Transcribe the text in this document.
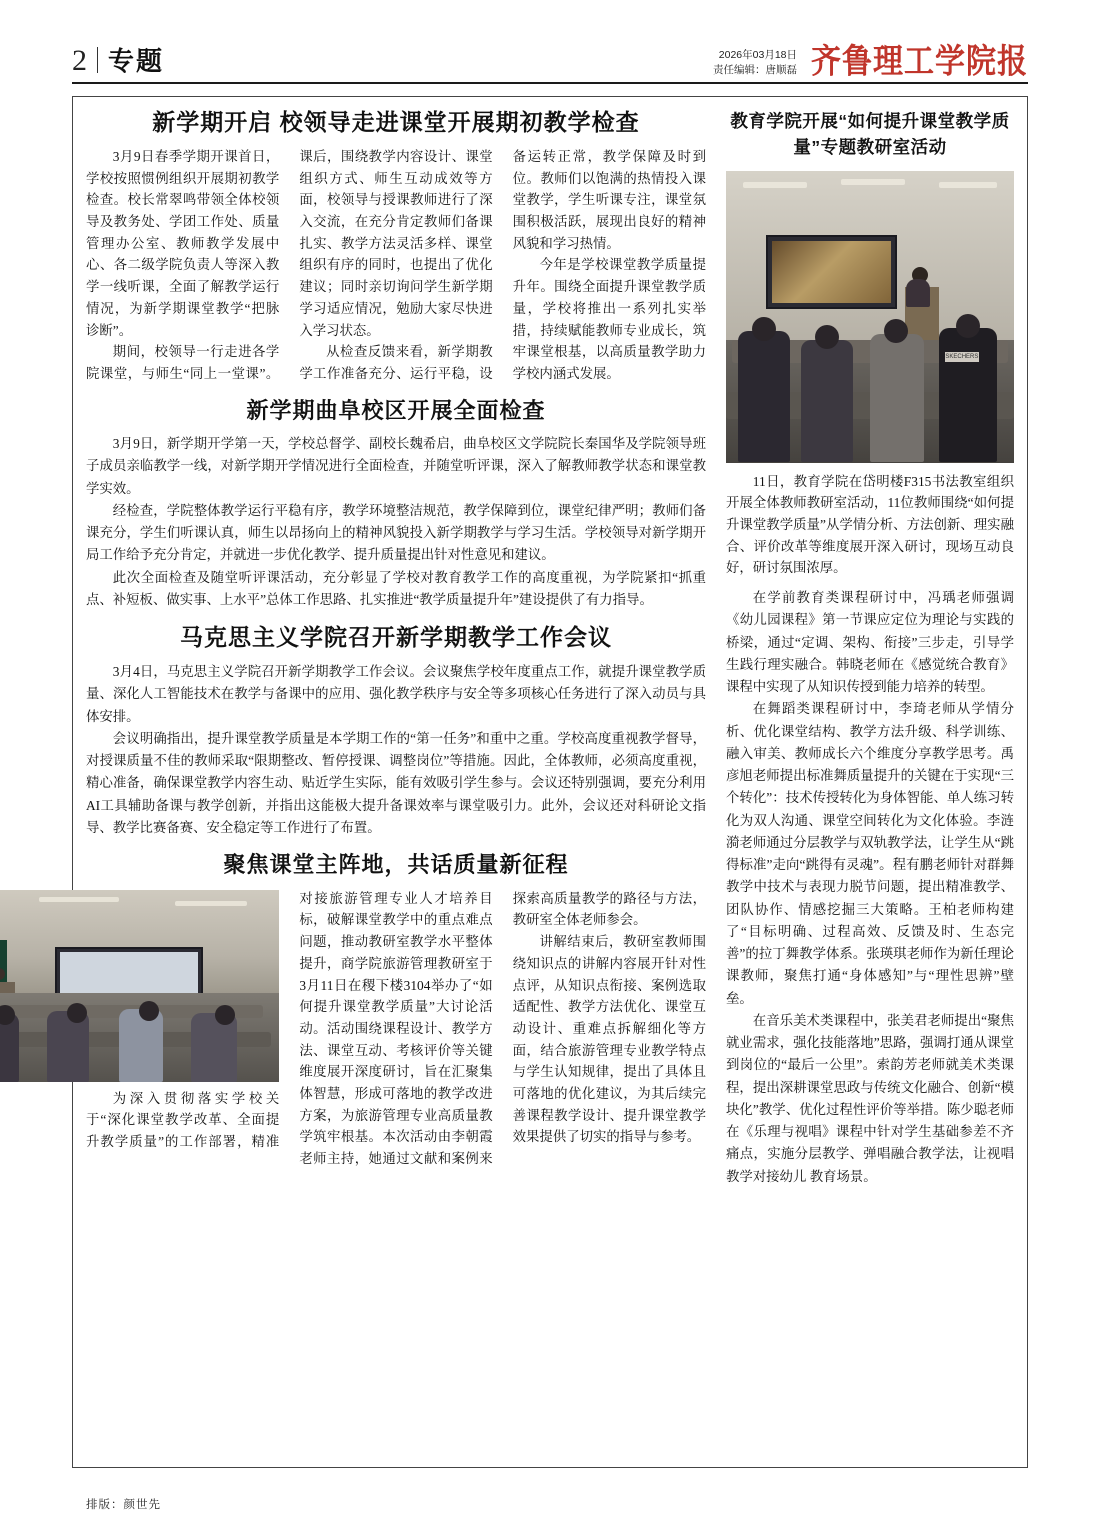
2 专题	2026年03月18日
责任编辑：唐顺磊 齐鲁理工学院报
新学期开启 校领导走进课堂开展期初教学检查

3月9日春季学期开课首日，学校按照惯例组织开展期初教学检查。校长常翠鸣带领全体校领导及教务处、学团工作处、质量管理办公室、教师教学发展中心、各二级学院负责人等深入教学一线听课，全面了解教学运行情况，为新学期课堂教学“把脉诊断”。

期间，校领导一行走进各学院课堂，与师生“同上一堂课”。课后，围绕教学内容设计、课堂组织方式、师生互动成效等方面，校领导与授课教师进行了深入交流，在充分肯定教师们备课扎实、教学方法灵活多样、课堂组织有序的同时，也提出了优化建议；同时亲切询问学生新学期学习适应情况，勉励大家尽快进入学习状态。

从检查反馈来看，新学期教学工作准备充分、运行平稳，设备运转正常，教学保障及时到位。教师们以饱满的热情投入课堂教学，学生听课专注，课堂氛围积极活跃，展现出良好的精神风貌和学习热情。

今年是学校课堂教学质量提升年。围绕全面提升课堂教学质量，学校将推出一系列扎实举措，持续赋能教师专业成长，筑牢课堂根基，以高质量教学助力学校内涵式发展。

新学期曲阜校区开展全面检查

3月9日，新学期开学第一天，学校总督学、副校长魏希启，曲阜校区文学院院长秦国华及学院领导班子成员亲临教学一线，对新学期开学情况进行全面检查，并随堂听评课，深入了解教师教学状态和课堂教学实效。

经检查，学院整体教学运行平稳有序，教学环境整洁规范，教学保障到位，课堂纪律严明；教师们备课充分，学生们听课认真，师生以昂扬向上的精神风貌投入新学期教学与学习生活。学校领导对新学期开局工作给予充分肯定，并就进一步优化教学、提升质量提出针对性意见和建议。

此次全面检查及随堂听评课活动，充分彰显了学校对教育教学工作的高度重视，为学院紧扣“抓重点、补短板、做实事、上水平”总体工作思路、扎实推进“教学质量提升年”建设提供了有力指导。

马克思主义学院召开新学期教学工作会议

3月4日，马克思主义学院召开新学期教学工作会议。会议聚焦学校年度重点工作，就提升课堂教学质量、深化人工智能技术在教学与备课中的应用、强化教学秩序与安全等多项核心任务进行了深入动员与具体安排。

会议明确指出，提升课堂教学质量是本学期工作的“第一任务”和重中之重。学校高度重视教学督导，对授课质量不佳的教师采取“限期整改、暂停授课、调整岗位”等措施。因此，全体教师，必须高度重视，精心准备，确保课堂教学内容生动、贴近学生实际，能有效吸引学生参与。会议还特别强调，要充分利用AI工具辅助备课与教学创新，并指出这能极大提升备课效率与课堂吸引力。此外，会议还对科研论文指导、教学比赛备赛、安全稳定等工作进行了布置。

聚焦课堂主阵地，共话质量新征程

为深入贯彻落实学校关于“深化课堂教学改革、全面提升教学质量”的工作部署，精准对接旅游管理专业人才培养目标，破解课堂教学中的重点难点问题，推动教研室教学水平整体提升，商学院旅游管理教研室于3月11日在稷下楼3104举办了“如何提升课堂教学质量”大讨论活动。活动围绕课程设计、教学方法、课堂互动、考核评价等关键维度展开深度研讨，旨在汇聚集体智慧，形成可落地的教学改进方案，为旅游管理专业高质量教学筑牢根基。本次活动由李朝霞老师主持，她通过文献和案例来探索高质量教学的路径与方法，教研室全体老师参会。

讲解结束后，教研室教师围绕知识点的讲解内容展开针对性点评，从知识点衔接、案例选取适配性、教学方法优化、课堂互动设计、重难点拆解细化等方面，结合旅游管理专业教学特点与学生认知规律，提出了具体且可落地的优化建议，为其后续完善课程教学设计、提升课堂教学效果提供了切实的指导与参考。

教育学院开展“如何提升课堂教学质量”专题教研室活动
SKECHERS

11日，教育学院在岱明楼F315书法教室组织开展全体教师教研室活动，11位教师围绕“如何提升课堂教学质量”从学情分析、方法创新、理实融合、评价改革等维度展开深入研讨，现场互动良好，研讨氛围浓厚。

在学前教育类课程研讨中，冯瑀老师强调《幼儿园课程》第一节课应定位为理论与实践的桥梁，通过“定调、架构、衔接”三步走，引导学生践行理实融合。韩晓老师在《感觉统合教育》课程中实现了从知识传授到能力培养的转型。

在舞蹈类课程研讨中，李琦老师从学情分析、优化课堂结构、教学方法升级、科学训练、融入审美、教师成长六个维度分享教学思考。禹彦旭老师提出标准舞质量提升的关键在于实现“三个转化”：技术传授转化为身体智能、单人练习转化为双人沟通、课堂空间转化为文化体验。李涟漪老师通过分层教学与双轨教学法，让学生从“跳得标准”走向“跳得有灵魂”。程有鹏老师针对群舞教学中技术与表现力脱节问题，提出精准教学、团队协作、情感挖掘三大策略。王柏老师构建了“目标明确、过程高效、反馈及时、生态完善”的拉丁舞教学体系。张瑛琪老师作为新任理论课教师，聚焦打通“身体感知”与“理性思辨”壁垒。

在音乐美术类课程中，张美君老师提出“聚焦就业需求，强化技能落地”思路，强调打通从课堂到岗位的“最后一公里”。索韵芳老师就美术类课程，提出深耕课堂思政与传统文化融合、创新“模块化”教学、优化过程性评价等举措。陈少聪老师在《乐理与视唱》课程中针对学生基础参差不齐痛点，实施分层教学、弹唱融合教学法，让视唱教学对接幼儿 教育场景。

排版：颜世先
